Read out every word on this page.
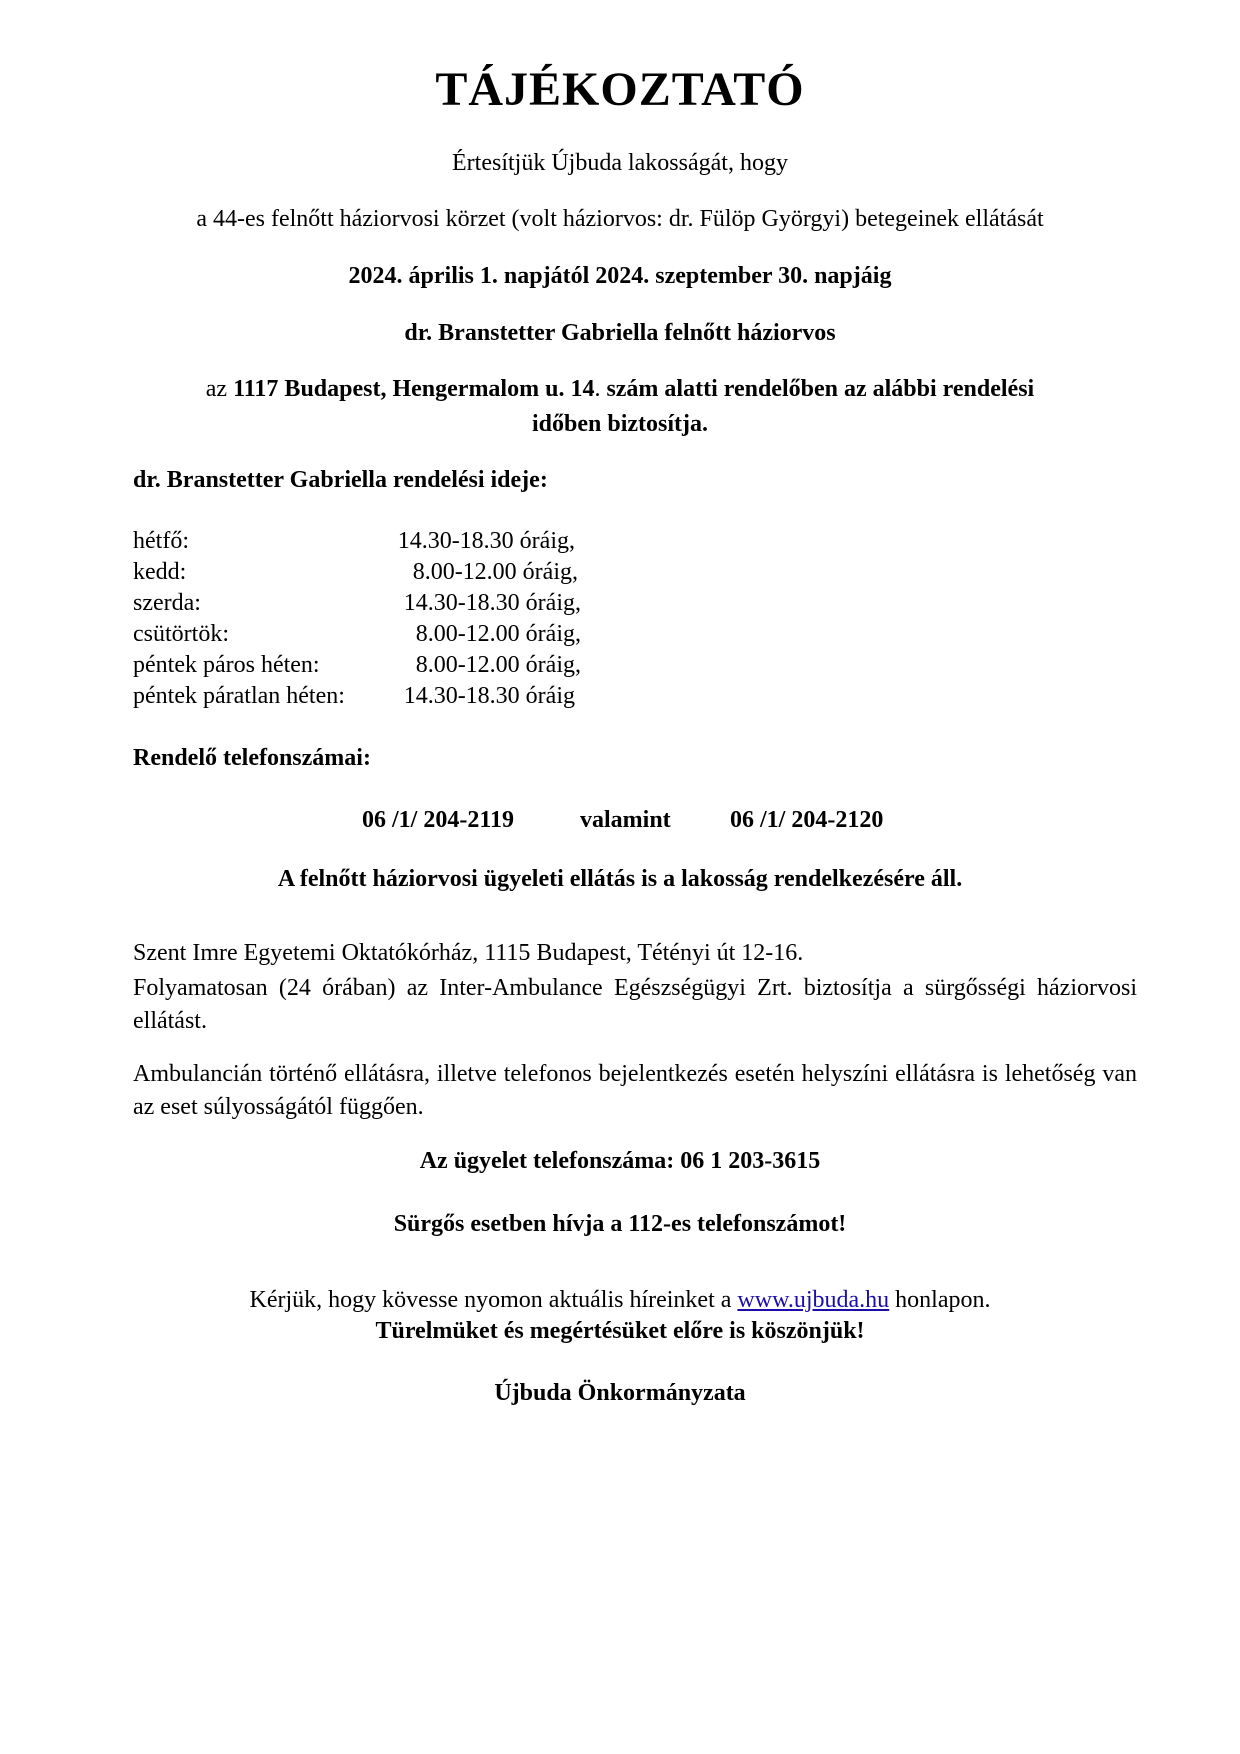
TÁJÉKOZTATÓ
Értesítjük Újbuda lakosságát, hogy
a 44-es felnőtt háziorvosi körzet (volt háziorvos: dr. Fülöp Györgyi) betegeinek ellátását
2024. április 1. napjától 2024. szeptember 30. napjáig
dr. Branstetter Gabriella felnőtt háziorvos
az 1117 Budapest, Hengermalom u. 14. szám alatti rendelőben az alábbi rendelési
időben biztosítja.
dr. Branstetter Gabriella rendelési ideje:
hétfő:	14.30-18.30 óráig,
kedd:	8.00-12.00 óráig,
szerda:	14.30-18.30 óráig,
csütörtök:	8.00-12.00 óráig,
péntek páros héten:	8.00-12.00 óráig,
péntek páratlan héten: 14.30-18.30 óráig
Rendelő telefonszámai:
06 /1/ 204-2119	valamint 06 /1/ 204-2120
A felnőtt háziorvosi ügyeleti ellátás is a lakosság rendelkezésére áll.
Szent Imre Egyetemi Oktatókórház, 1115 Budapest, Tétényi út 12-16.
Folyamatosan (24 órában) az Inter-Ambulance Egészségügyi Zrt. biztosítja a sürgősségi háziorvosi ellátást.
Ambulancián történő ellátásra, illetve telefonos bejelentkezés esetén helyszíni ellátásra is lehetőség van az eset súlyosságától függően.
Az ügyelet telefonszáma: 06 1 203-3615
Sürgős esetben hívja a 112-es telefonszámot!
Kérjük, hogy kövesse nyomon aktuális híreinket a www.ujbuda.hu honlapon.
Türelmüket és megértésüket előre is köszönjük!
Újbuda Önkormányzata
